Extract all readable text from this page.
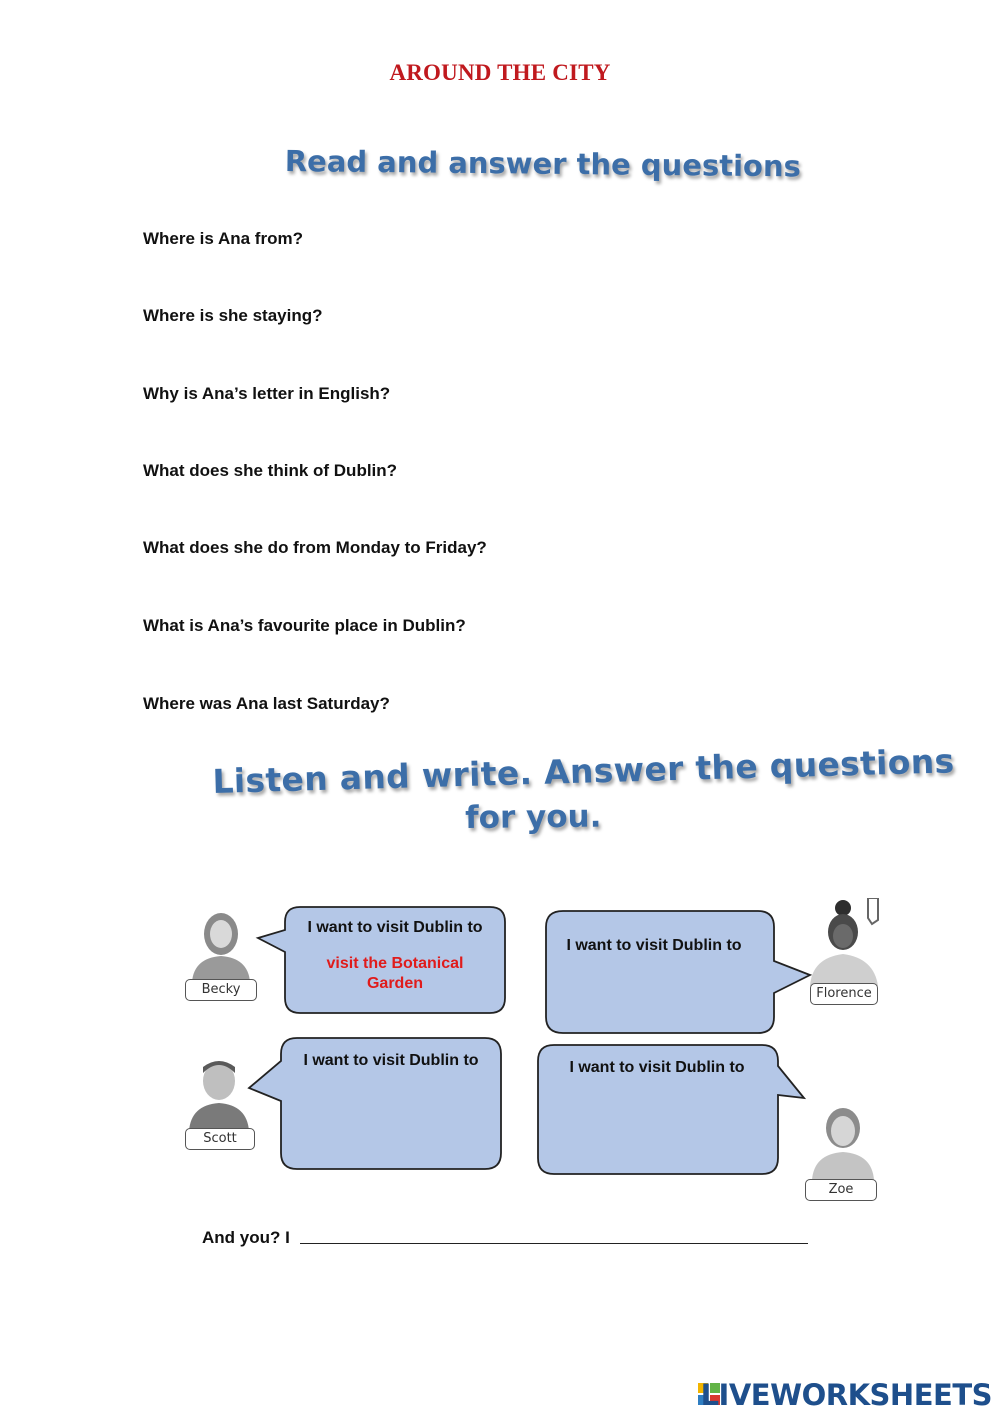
AROUND THE CITY
Read and answer the questions
Where is Ana from?
Where is she staying?
Why is Ana’s letter in English?
What does she think of Dublin?
What does she do from Monday to Friday?
What is Ana’s favourite place in Dublin?
Where was Ana last Saturday?
Listen and write. Answer the questions
for you.
I want to visit Dublin to
visit the Botanical Garden
I want to visit Dublin to
I want to visit Dublin to	I want to visit Dublin to
Becky	Florence
Scott
Zoe
And you? I
LIVEWORKSHEETS
